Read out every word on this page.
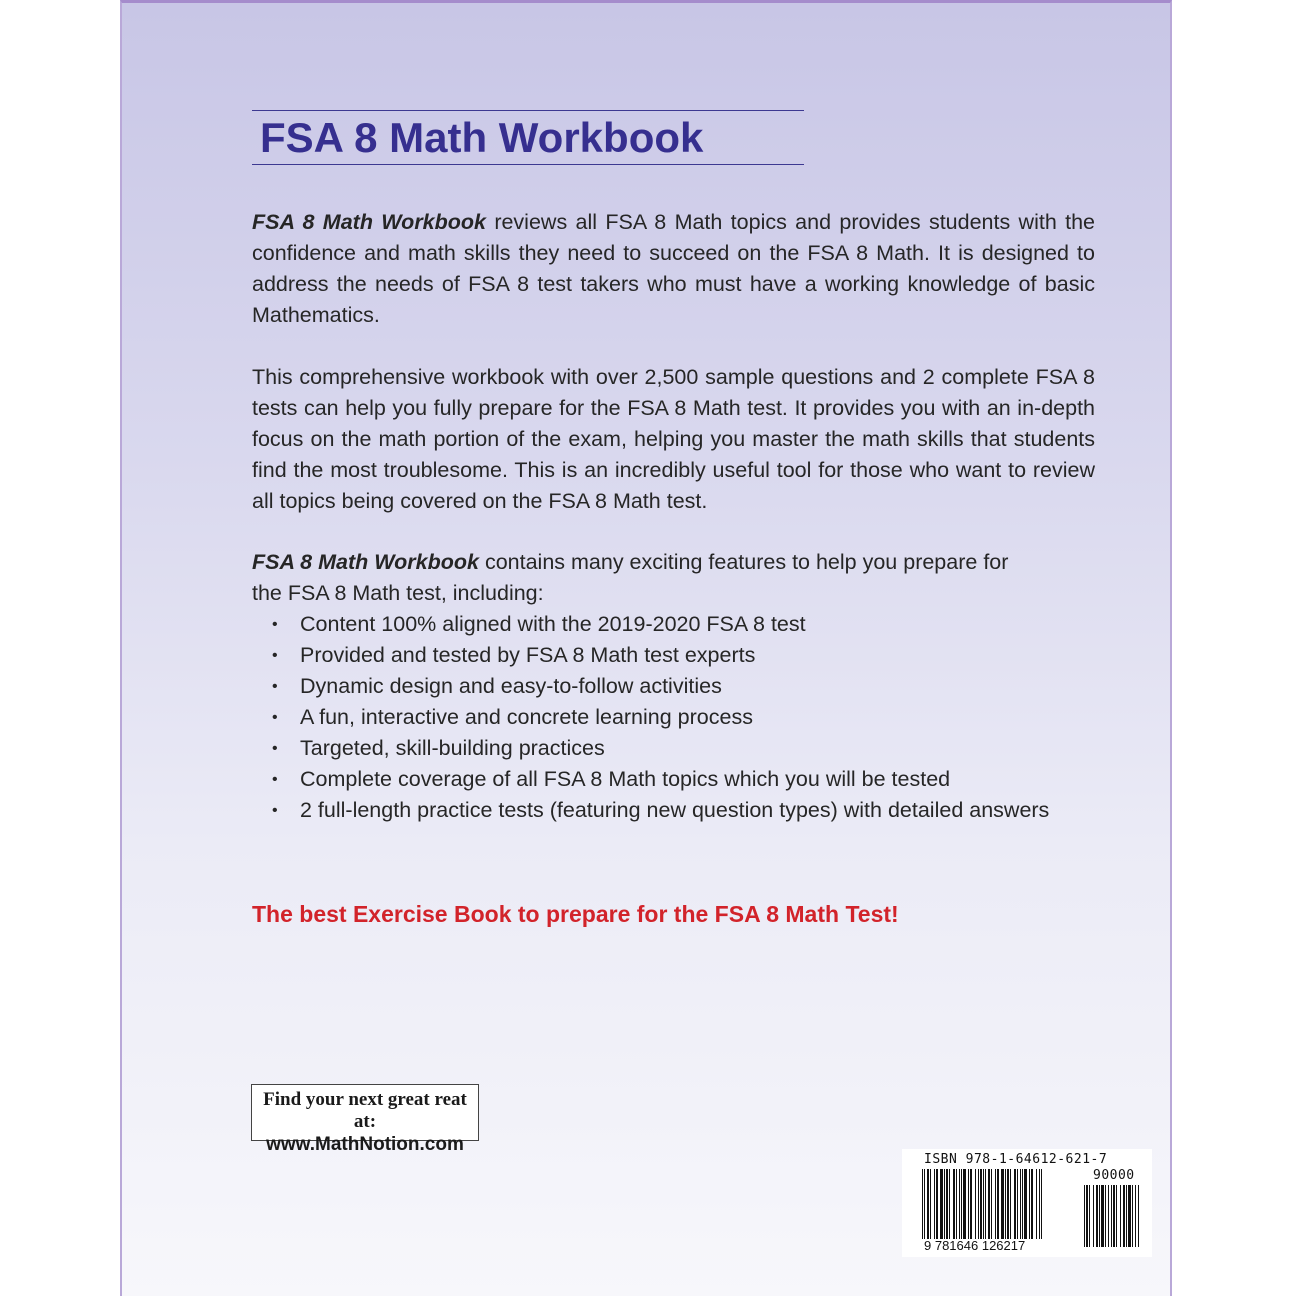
FSA 8 Math Workbook

FSA 8 Math Workbook reviews all FSA 8 Math topics and provides students with the confidence and math skills they need to succeed on the FSA 8 Math. It is designed to address the needs of FSA 8 test takers who must have a working knowledge of basic Mathematics.

This comprehensive workbook with over 2,500 sample questions and 2 complete FSA 8 tests can help you fully prepare for the FSA 8 Math test. It provides you with an in-depth focus on the math portion of the exam, helping you master the math skills that students find the most troublesome. This is an incredibly useful tool for those who want to review all topics being covered on the FSA 8 Math test.

FSA 8 Math Workbook contains many exciting features to help you prepare for
the FSA 8 Math test, including:

• Content 100% aligned with the 2019-2020 FSA 8 test
• Provided and tested by FSA 8 Math test experts
• Dynamic design and easy-to-follow activities
• A fun, interactive and concrete learning process
• Targeted, skill-building practices
• Complete coverage of all FSA 8 Math topics which you will be tested
• 2 full-length practice tests (featuring new question types) with detailed answers

The best Exercise Book to prepare for the FSA 8 Math Test!

Find your next great reat at:
www.MathNotion.com

ISBN 978-1-64612-621-7

90000

9 781646 126217
